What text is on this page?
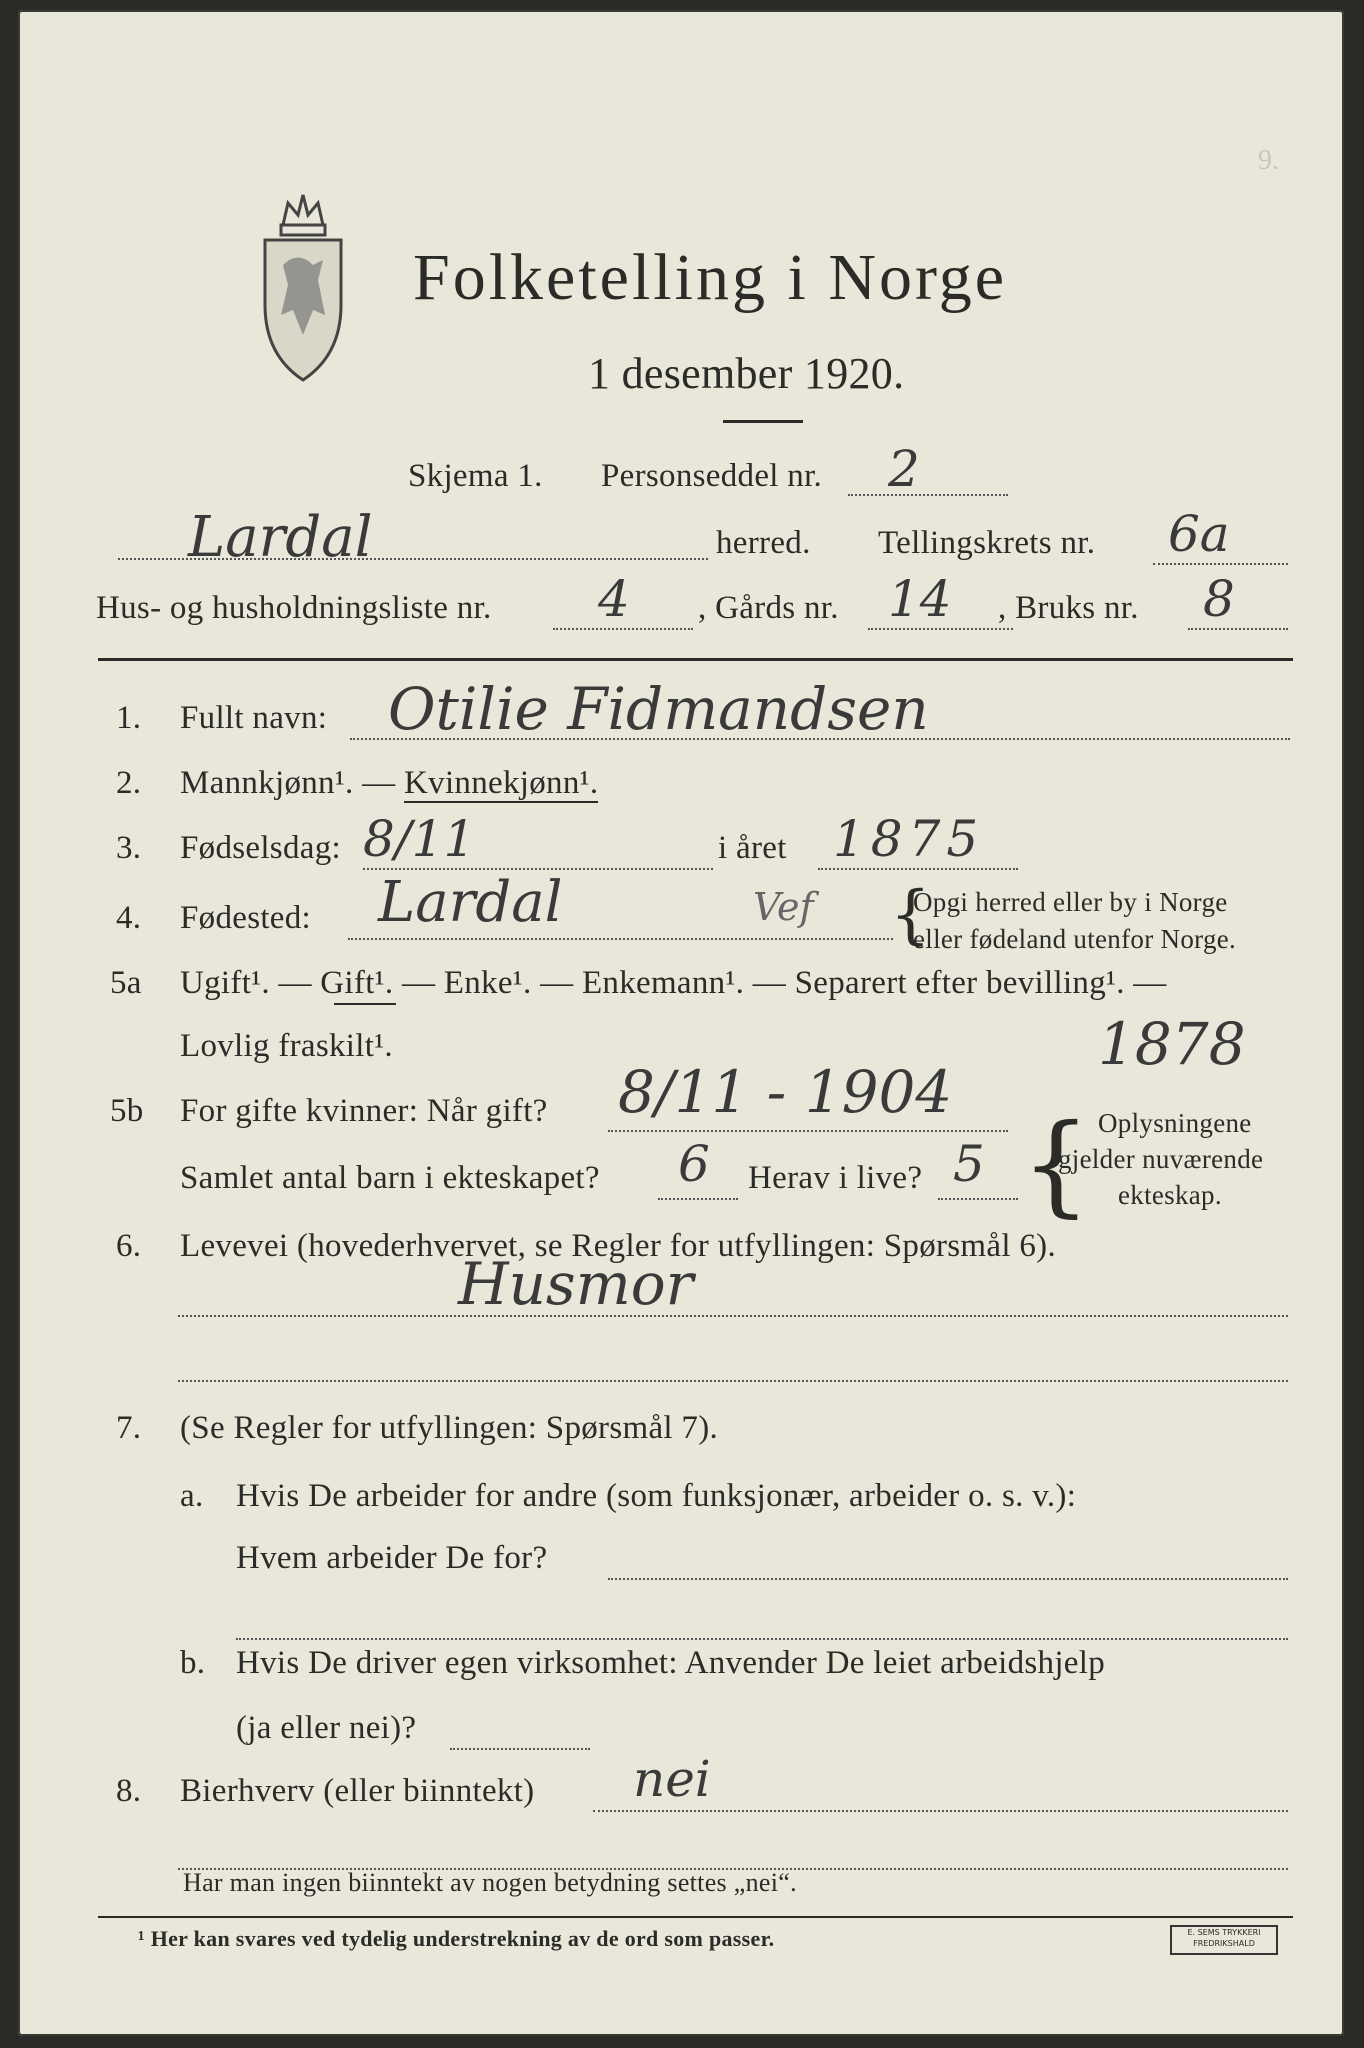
Folketelling i Norge
1 desember 1920.
9.
Skjema 1. Personseddel nr. 2
Lardal	herred. Tellingskrets nr. 6a
Hus- og husholdningsliste nr. 4 , Gårds nr. 14 , Bruks nr. 8
1. Fullt navn: Otilie Fidmandsen
2. Mannkjønn¹. — Kvinnekjønn¹.
3. Fødselsdag: 8/11	i året 1875
4. Fødested: Lardal	Vef {
Opgi herred eller by i Norge
eller fødeland utenfor Norge.
5a Ugift¹. — Gift¹. — Enke¹. — Enkemann¹. — Separert efter bevilling¹. —
Lovlig fraskilt¹.
5b For gifte kvinner: Når gift? 8/11 - 1904
1878
Samlet antal barn i ekteskapet? 6 Herav i live? 5 { Oplysningene
gjelder nuværende
ekteskap.
6. Levevei (hovederhvervet, se Regler for utfyllingen: Spørsmål 6).
Husmor
7. (Se Regler for utfyllingen: Spørsmål 7).
a. Hvis De arbeider for andre (som funksjonær, arbeider o. s. v.):
Hvem arbeider De for?
b. Hvis De driver egen virksomhet: Anvender De leiet arbeidshjelp
(ja eller nei)?
8. Bierhverv (eller biinntekt) nei
Har man ingen biinntekt av nogen betydning settes „nei“.
¹ Her kan svares ved tydelig understrekning av de ord som passer.	E. SEMS TRYKKERI FREDRIKSHALD
